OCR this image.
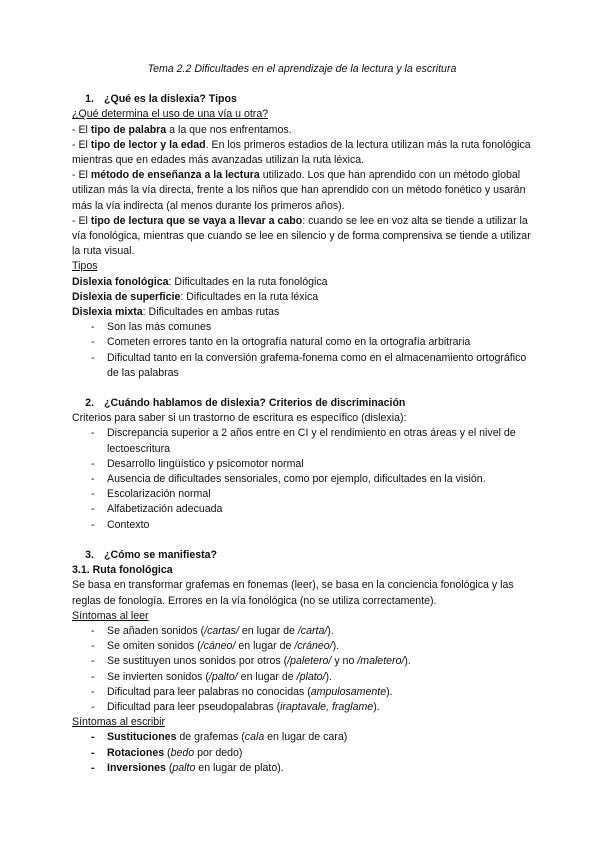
Tema 2.2 Dificultades en el aprendizaje de la lectura y la escritura

1. ¿Qué es la dislexia? Tipos

¿Qué determina el uso de una vía u otra?

- El tipo de palabra a la que nos enfrentamos.

- El tipo de lector y la edad. En los primeros estadios de la lectura utilizan más la ruta fonológica mientras que en edades más avanzadas utilizan la ruta léxica.

- El método de enseñanza a la lectura utilizado. Los que han aprendido con un método global utilizan más la vía directa, frente a los niños que han aprendido con un método fonético y usarán más la vía indirecta (al menos durante los primeros años).

- El tipo de lectura que se vaya a llevar a cabo: cuando se lee en voz alta se tiende a utilizar la vía fonológica, mientras que cuando se lee en silencio y de forma comprensiva se tiende a utilizar la ruta visual.

Tipos

Dislexia fonológica: Dificultades en la ruta fonológica

Dislexia de superficie: Dificultades en la ruta léxica

Dislexia mixta: Dificultades en ambas rutas

- Son las más comunes
- Cometen errores tanto en la ortografía natural como en la ortografía arbitraria
- Dificultad tanto en la conversión grafema-fonema como en el almacenamiento ortográfico de las palabras

2. ¿Cuándo hablamos de dislexia? Criterios de discriminación

Criterios para saber si un trastorno de escritura es específico (dislexia):

- Discrepancia superior a 2 años entre en CI y el rendimiento en otras áreas y el nivel de lectoescritura
- Desarrollo lingüístico y psicomotor normal
- Ausencia de dificultades sensoriales, como por ejemplo, dificultades en la visión.
- Escolarización normal
- Alfabetización adecuada
- Contexto

3. ¿Cómo se manifiesta?

3.1. Ruta fonológica

Se basa en transformar grafemas en fonemas (leer), se basa en la conciencia fonológica y las reglas de fonología. Errores en la vía fonológica (no se utiliza correctamente).

Síntomas al leer

- Se añaden sonidos (/cartas/ en lugar de /carta/).
- Se omiten sonidos (/cáneo/ en lugar de /cráneo/).
- Se sustituyen unos sonidos por otros (/paletero/ y no /maletero/).
- Se invierten sonidos (/palto/ en lugar de /plato/).
- Dificultad para leer palabras no conocidas (ampulosamente).
- Dificultad para leer pseudopalabras (iraptavale, fraglame).

Síntomas al escribir

- Sustituciones de grafemas (cala en lugar de cara)
- Rotaciones (bedo por dedo)
- Inversiones (palto en lugar de plato).
